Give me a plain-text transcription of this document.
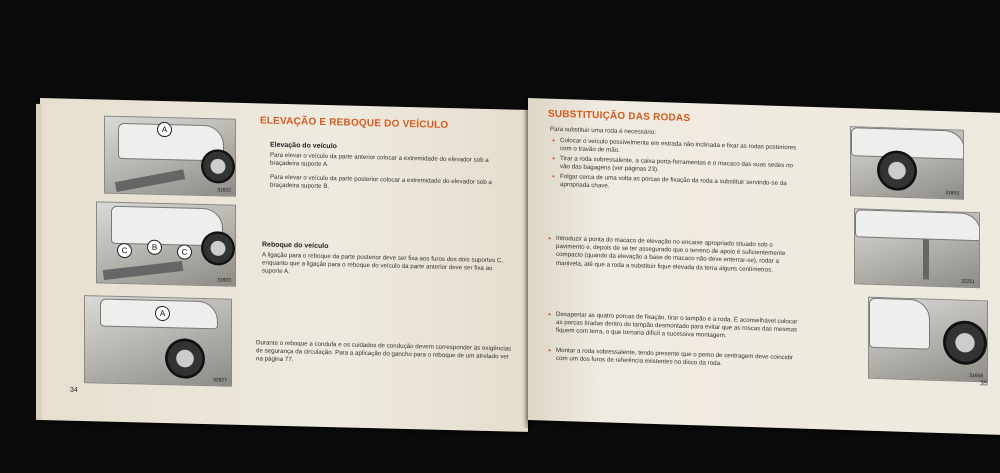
A
31602
C	B
C
31603
A
32827
ELEVAÇÃO E REBOQUE DO VEÍCULO
Elevação do veículo
Para elevar o veículo da parte anterior colocar a extremidade do elevador sob a braçadeira suporte A.
Para elevar o veículo da parte posterior colocar a extremidade do elevador sob a braçadeira suporte B.
Reboque do veículo
A ligação para o reboque da parte posterior deve ser fixa aos furos dos dois suportes C, enquanto que a ligação para o reboque do veículo da parte anterior deve ser fixa ao suporte A.
Durante o reboque a condufa e os cuidados de condução devem corresponder às exigências de segurança da circulação. Para a aplicação do gancho para o reboque de um atrelado ver na página 77.
34
SUBSTITUIÇÃO DAS RODAS
Para substituir uma roda é necessário:
● Colocar o veículo possivelmente em estrada não inclinada e fixar as rodas posteriores com o travão de mão.
● Tirar a roda sobressalente, a caixa porta-ferramentas e o macaco das suas sedes no vão das bagagens (ver páginas 23).
● Folgar cerca de uma volta as porcas de fixação da roda a substituir servindo-se da apropriada chave.
● Introduzir a ponta do macaco de elevação no encaixe apropriado situado sob o pavimento e, depois de se ter assegurado que o terreno de apoio é suficientemente compacto (quando da elevação a base do macaco não deve enterrar-se), rodar a manivela, até que a roda a substituir fique elevada da terra alguns centímetros.
● Desapertar as quatro porcas de fixação, tirar o tampão e a roda. É aconselhável colocar as porcas tiradas dentro do tampão desmontado para evitar que as roscas das mesmas fiquem com terra, o que tornaria difícil a sucessiva montagem.
● Montar a roda sobressalente, tendo presente que o pemo de centragem deve coincidir com um dos furos de referência existentes no disco da roda.
31653
32251
31658
35
